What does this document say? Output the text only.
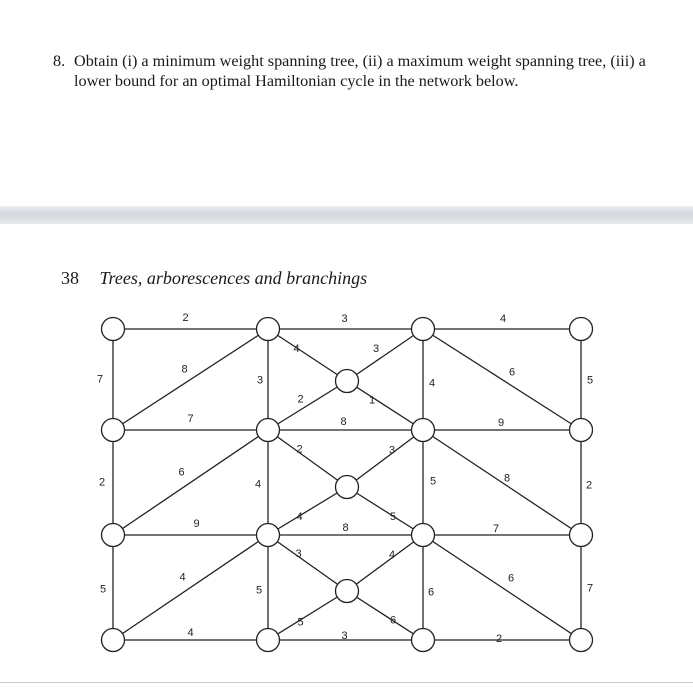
8. Obtain (i) a minimum weight spanning tree, (ii) a maximum weight spanning tree, (iii) a lower bound for an optimal Hamiltonian cycle in the network below.
38 Trees, arborescences and branchings
2	3	4
7
8
3
4	3
2	1
4
6
5
7	8	9
2
6
4
2	3
4	5
5	8
2
9	8	7
5
4
5
3	4
5	6
6
6
7
4	3	2
